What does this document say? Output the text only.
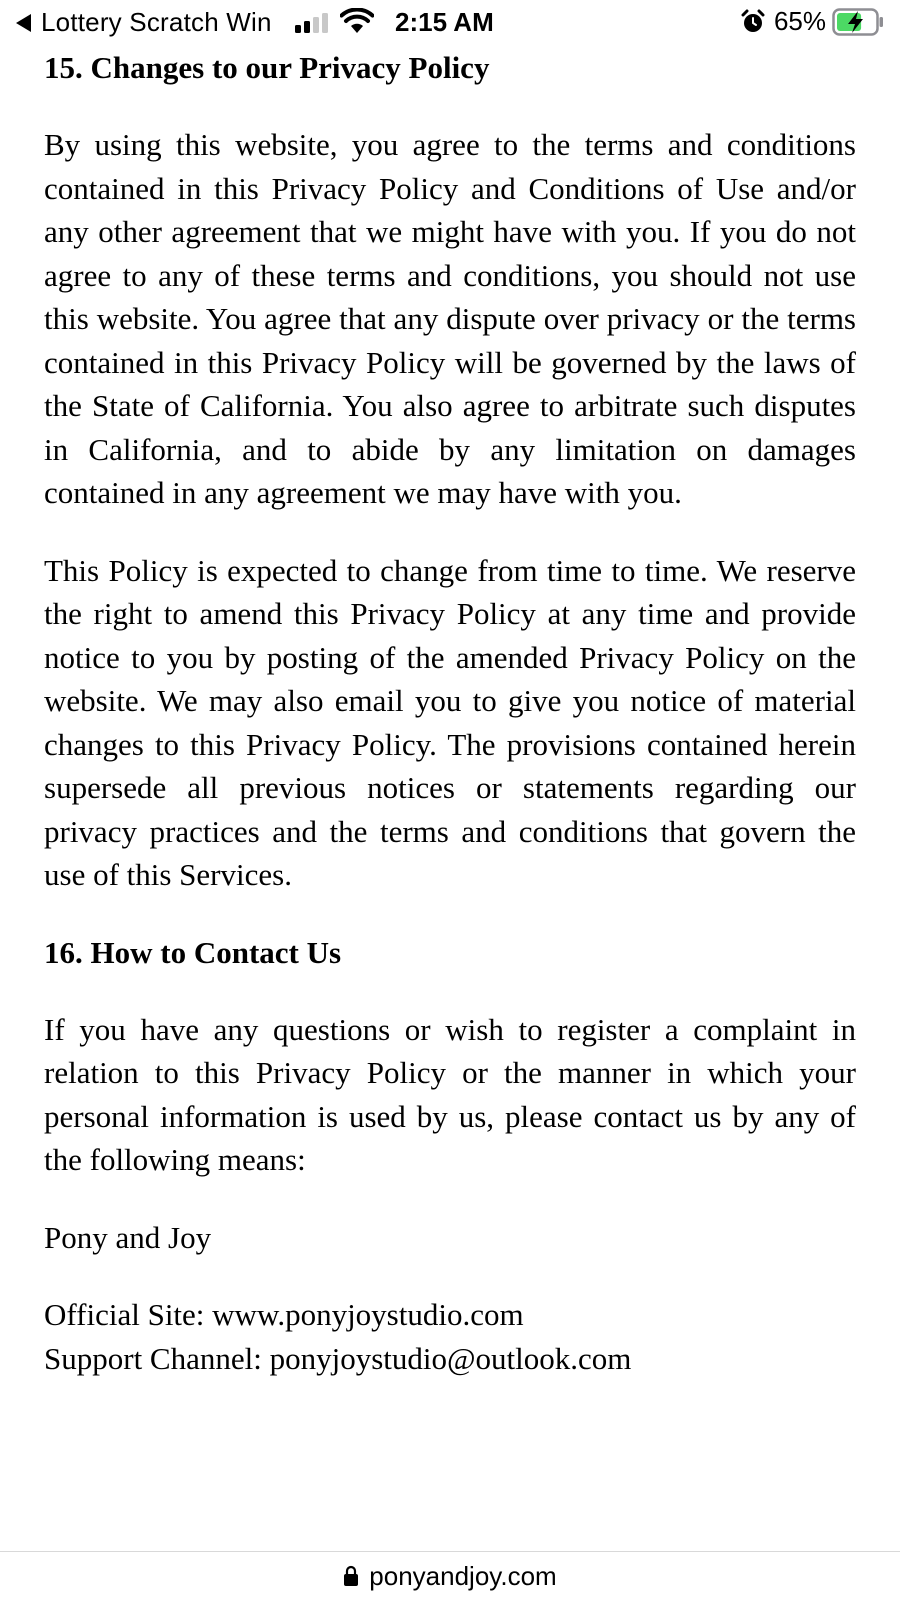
Lottery Scratch Win	2:15 AM	65%
15. Changes to our Privacy Policy

By using this website, you agree to the terms and conditions contained in this Privacy Policy and Conditions of Use and/or any other agreement that we might have with you. If you do not agree to any of these terms and conditions, you should not use this website. You agree that any dispute over privacy or the terms contained in this Privacy Policy will be governed by the laws of the State of California. You also agree to arbitrate such disputes in California, and to abide by any limitation on damages contained in any agreement we may have with you.

This Policy is expected to change from time to time. We reserve the right to amend this Privacy Policy at any time and provide notice to you by posting of the amended Privacy Policy on the website. We may also email you to give you notice of material changes to this Privacy Policy. The provisions contained herein supersede all previous notices or statements regarding our privacy practices and the terms and conditions that govern the use of this Services.

16. How to Contact Us

If you have any questions or wish to register a complaint in relation to this Privacy Policy or the manner in which your personal information is used by us, please contact us by any of the following means:

Pony and Joy

Official Site: www.ponyjoystudio.com

Support Channel: ponyjoystudio@outlook.com

ponyandjoy.com
